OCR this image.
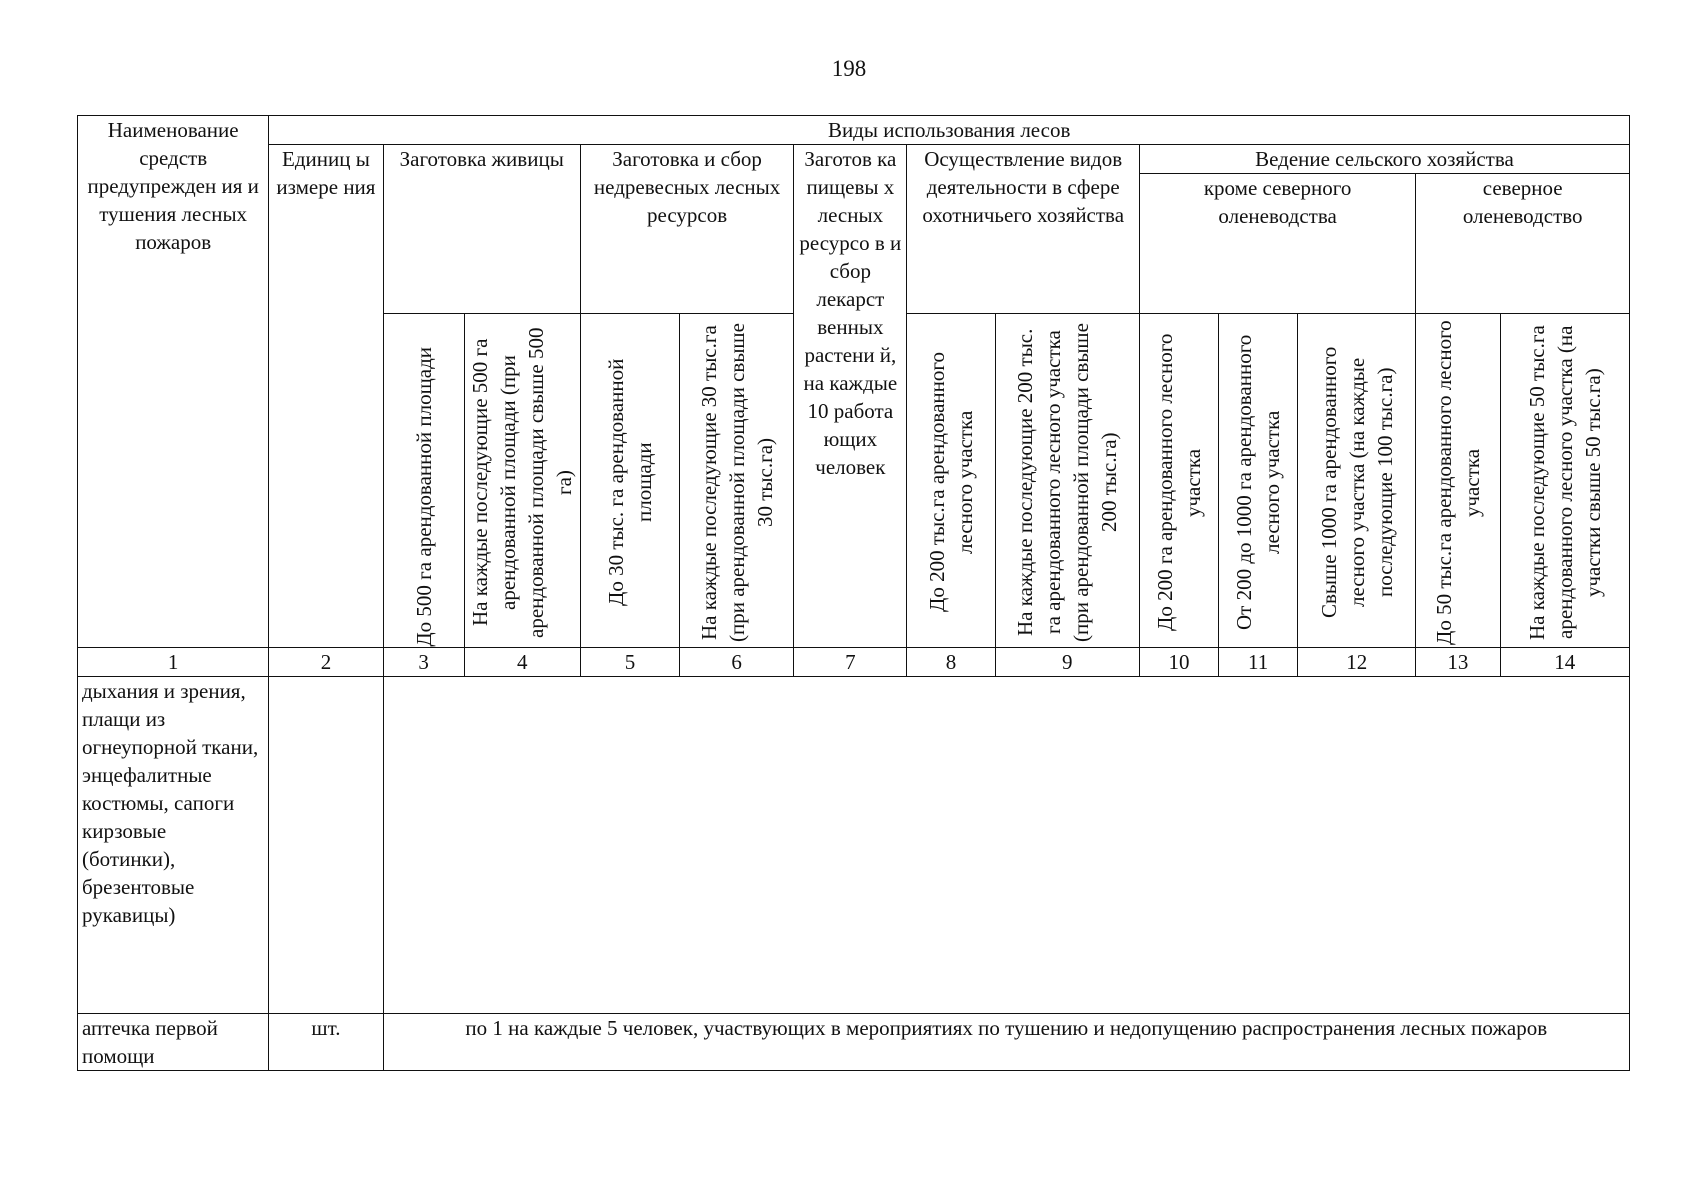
198
Наименование средств предупрежден ия и тушения лесных пожаров	Виды использования лесов												
	Единиц ы измере ния	Заготовка живицы		Заготовка и сбор недревесных лесных ресурсов		Заготов ка пищевы х лесных ресурсо в и сбор лекарст венных растени й, на каждые 10 работа ющих человек	Осуществление видов деятельности в сфере охотничьего хозяйства		Ведение сельского хозяйства				
									кроме северного оленеводства			северное оленеводство	

		До 500 га арендованной площади	На каждые последующие 500 га арендованной площади (при арендованной площади свыше 500 га)	До 30 тыс. га арендованной площади	На каждые последующие 30 тыс.га (при арендованной площади свыше 30 тыс.га)		До 200 тыс.га арендованного лесного участка	На каждые последующие 200 тыс. га арендованного лесного участка (при арендованной площади свыше 200 тыс.га)	До 200 га арендованного лесного участка	От 200 до 1000 га арендованного лесного участка	Свыше 1000 га арендованного лесного участка (на каждые последующие 100 тыс.га)	До 50 тыс.га арендованного лесного участка	На каждые последующие 50 тыс.га арендованного лесного участка (на участки свыше 50 тыс.га)

1	2	3	4	5	6	7	8	9	10	11	12	13	14
дыхания и зрения, плащи из огнеупорной ткани, энцефалитные костюмы, сапоги кирзовые (ботинки), брезентовые рукавицы)													
аптечка первой помощи	шт.	по 1 на каждые 5 человек, участвующих в мероприятиях по тушению и недопущению распространения лесных пожаров											
